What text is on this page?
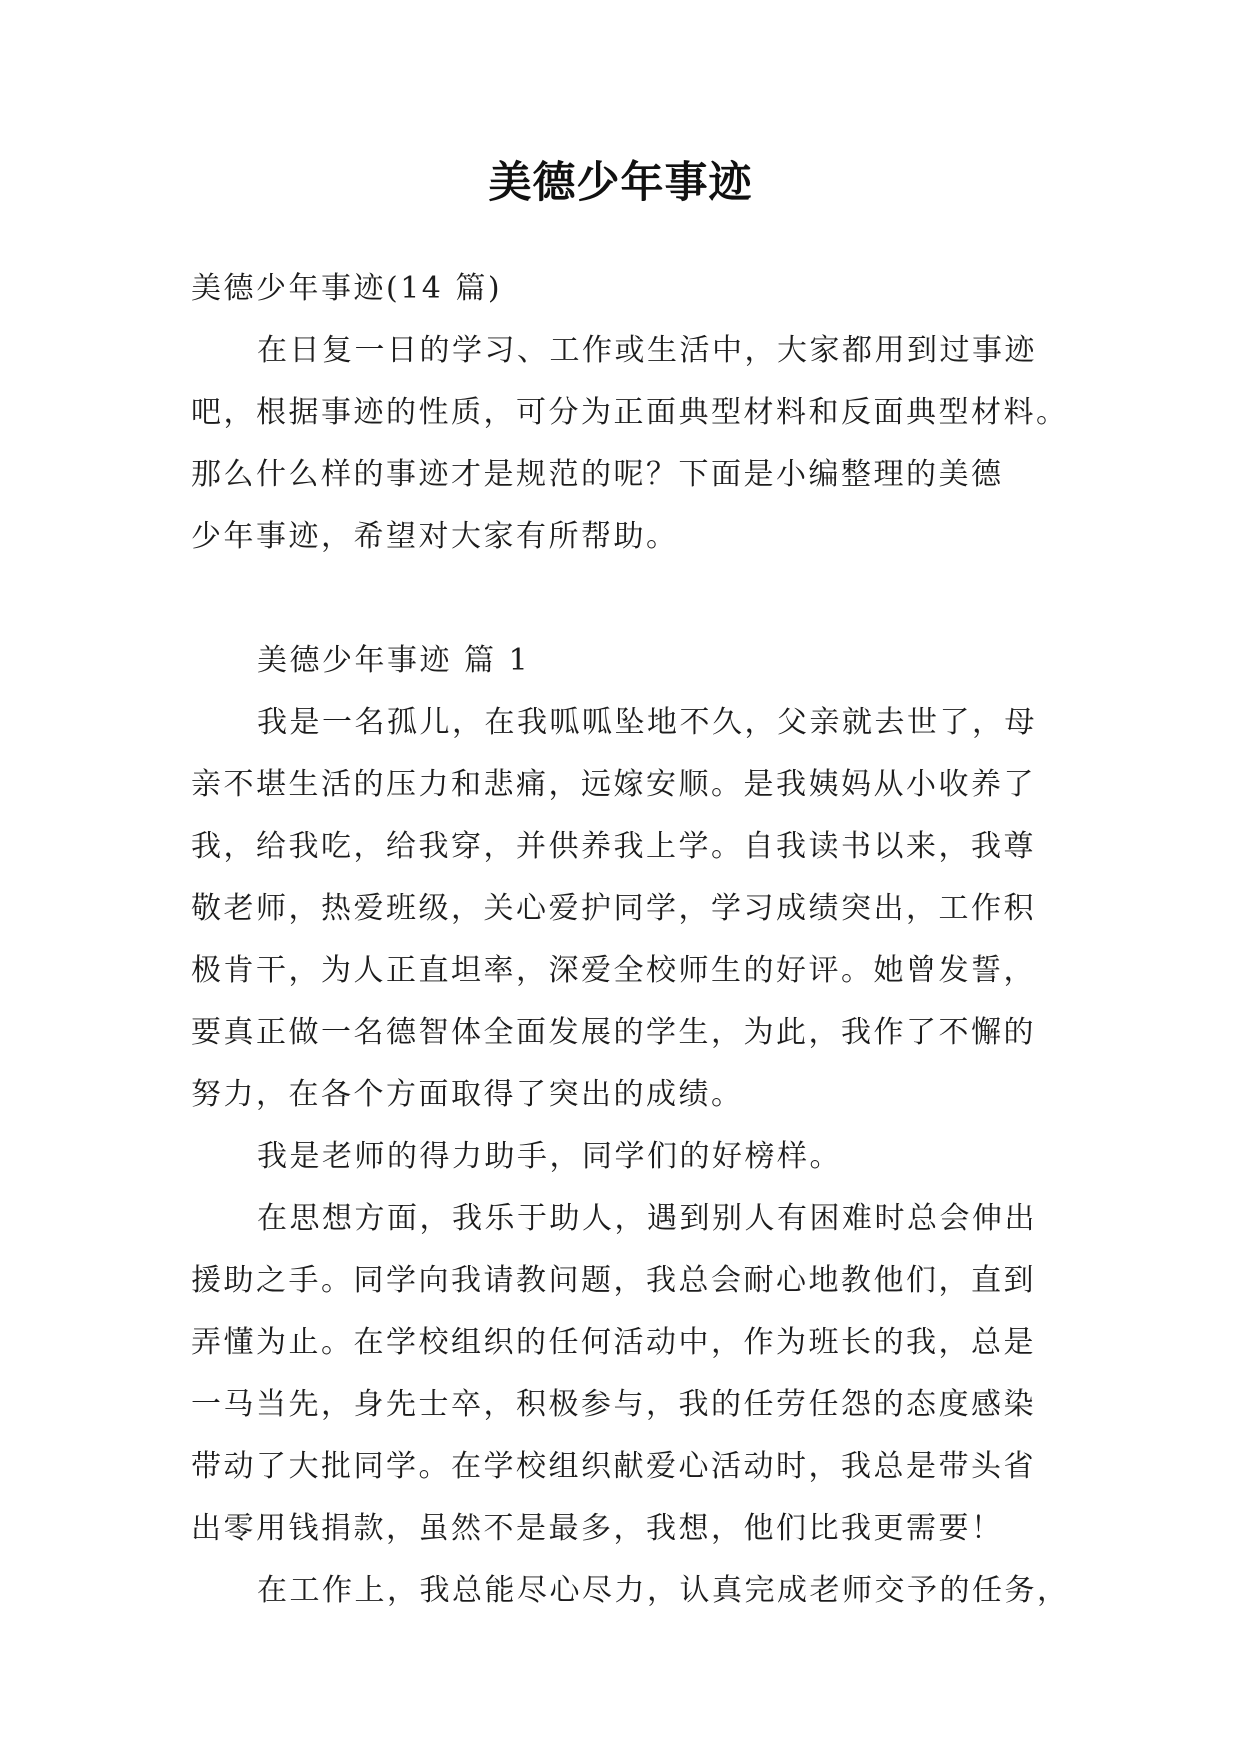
美德少年事迹
美德少年事迹(14 篇)
在日复一日的学习、工作或生活中，大家都用到过事迹
吧，根据事迹的性质，可分为正面典型材料和反面典型材料。
那么什么样的事迹才是规范的呢？下面是小编整理的美德
少年事迹，希望对大家有所帮助。
美德少年事迹 篇 1
我是一名孤儿，在我呱呱坠地不久，父亲就去世了，母
亲不堪生活的压力和悲痛，远嫁安顺。是我姨妈从小收养了
我，给我吃，给我穿，并供养我上学。自我读书以来，我尊
敬老师，热爱班级，关心爱护同学，学习成绩突出，工作积
极肯干，为人正直坦率，深爱全校师生的好评。她曾发誓，
要真正做一名德智体全面发展的学生，为此，我作了不懈的
努力，在各个方面取得了突出的成绩。
我是老师的得力助手，同学们的好榜样。
在思想方面，我乐于助人，遇到别人有困难时总会伸出
援助之手。同学向我请教问题，我总会耐心地教他们，直到
弄懂为止。在学校组织的任何活动中，作为班长的我，总是
一马当先，身先士卒，积极参与，我的任劳任怨的态度感染
带动了大批同学。在学校组织献爱心活动时，我总是带头省
出零用钱捐款，虽然不是最多，我想，他们比我更需要！
在工作上，我总能尽心尽力，认真完成老师交予的任务，
